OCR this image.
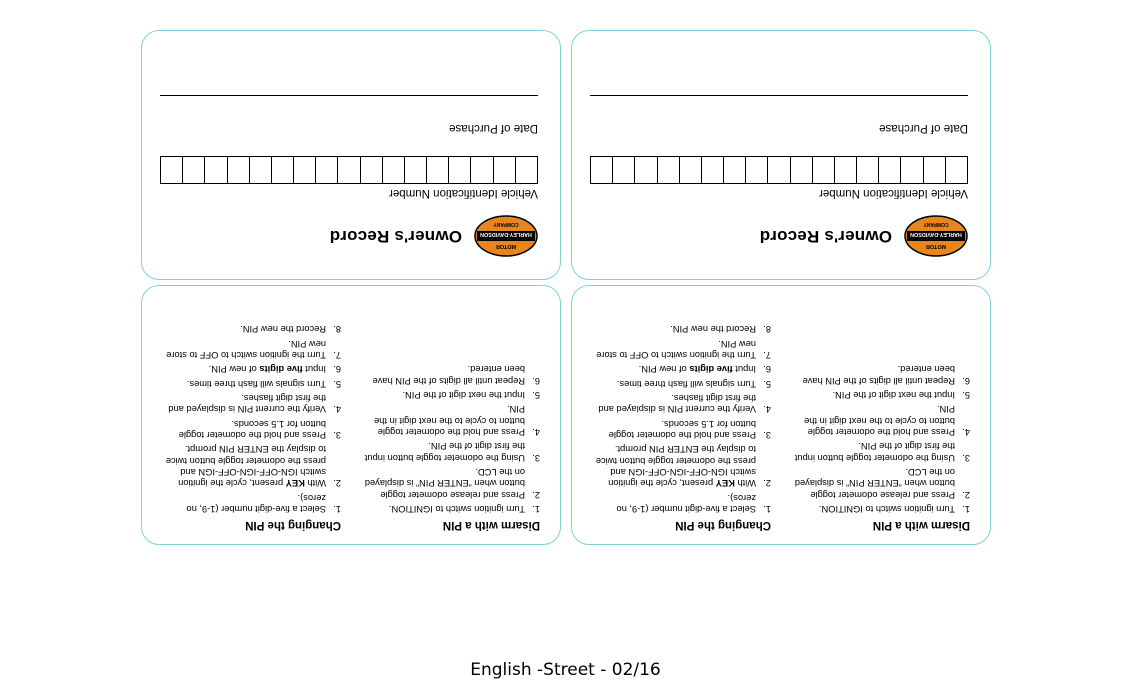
HARLEY-DAVIDSON
MOTOR
COMPANY
Owner's Record
Vehicle Identification Number
Date of Purchase
HARLEY-DAVIDSON
MOTOR
COMPANY
Owner's Record
Vehicle Identification Number
Date of Purchase
Disarm with a PIN
Turn ignition switch to IGNITION.
Press and release odometer toggle button when “ENTER PIN” is displayed on the LCD.
Using the odometer toggle button input the first digit of the PIN.
Press and hold the odometer toggle button to cycle to the next digit in the PIN.
Input the next digit of the PIN.
Repeat until all digits of the PIN have been entered.
Changing the PIN
Select a five-digit number (1-9, no zeros).
With KEY present, cycle the ignition switch IGN-OFF-IGN-OFF-IGN and press the odometer toggle button twice to display the ENTER PIN prompt.
Press and hold the odometer toggle button for 1.5 seconds.
Verify the current PIN is displayed and the first digit flashes.
Turn signals will flash three times.
Input five digits of new PIN.
Turn the ignition switch to OFF to store new PIN.
Record the new PIN.
Disarm with a PIN
Turn ignition switch to IGNITION.
Press and release odometer toggle button when “ENTER PIN” is displayed on the LCD.
Using the odometer toggle button input the first digit of the PIN.
Press and hold the odometer toggle button to cycle to the next digit in the PIN.
Input the next digit of the PIN.
Repeat until all digits of the PIN have been entered.
Changing the PIN
Select a five-digit number (1-9, no zeros).
With KEY present, cycle the ignition switch IGN-OFF-IGN-OFF-IGN and press the odometer toggle button twice to display the ENTER PIN prompt.
Press and hold the odometer toggle button for 1.5 seconds.
Verify the current PIN is displayed and the first digit flashes.
Turn signals will flash three times.
Input five digits of new PIN.
Turn the ignition switch to OFF to store new PIN.
Record the new PIN.
English -Street - 02/16
